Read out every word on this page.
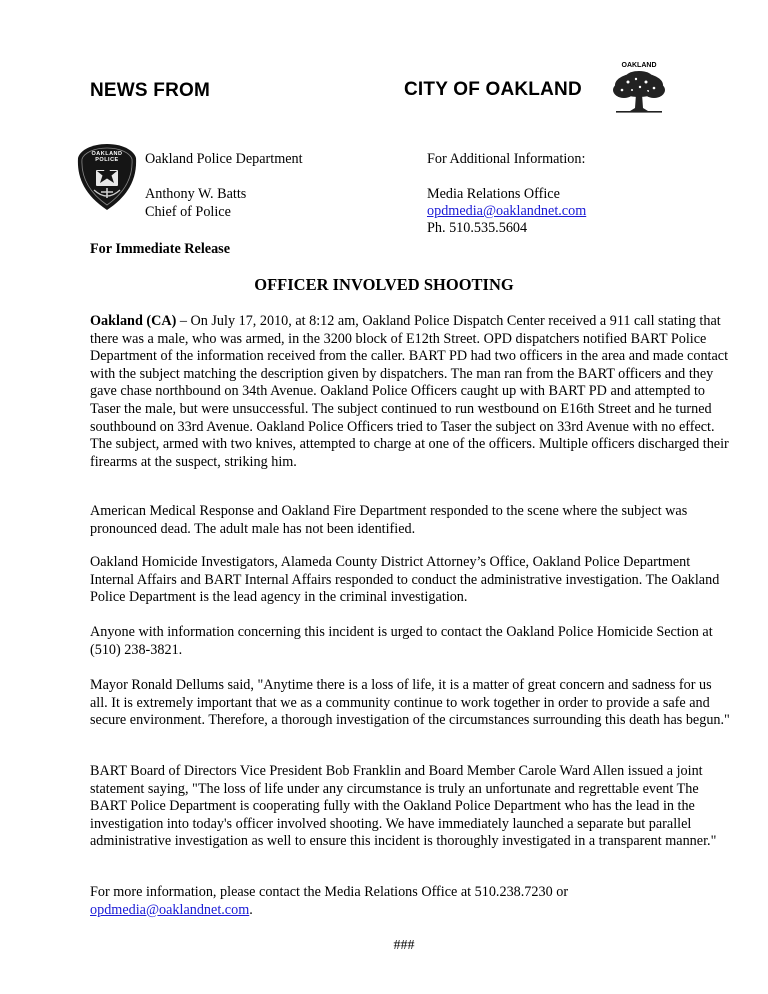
NEWS FROM	CITY OF OAKLAND
OAKLAND
OAKLAND POLICE	Oakland Police Department
Anthony W. Batts
Chief of Police
For Additional Information:
Media Relations Office
opdmedia@oaklandnet.com
Ph. 510.535.5604
For Immediate Release
OFFICER INVOLVED SHOOTING

Oakland (CA) – On July 17, 2010, at 8:12 am, Oakland Police Dispatch Center received a 911 call stating that there was a male, who was armed, in the 3200 block of E12th Street. OPD dispatchers notified BART Police Department of the information received from the caller. BART PD had two officers in the area and made contact with the subject matching the description given by dispatchers. The man ran from the BART officers and they gave chase northbound on 34th Avenue. Oakland Police Officers caught up with BART PD and attempted to Taser the male, but were unsuccessful. The subject continued to run westbound on E16th Street and he turned southbound on 33rd Avenue. Oakland Police Officers tried to Taser the subject on 33rd Avenue with no effect. The subject, armed with two knives, attempted to charge at one of the officers. Multiple officers discharged their firearms at the suspect, striking him.

American Medical Response and Oakland Fire Department responded to the scene where the subject was pronounced dead. The adult male has not been identified.

Oakland Homicide Investigators, Alameda County District Attorney’s Office, Oakland Police Department Internal Affairs and BART Internal Affairs responded to conduct the administrative investigation. The Oakland Police Department is the lead agency in the criminal investigation.

Anyone with information concerning this incident is urged to contact the Oakland Police Homicide Section at (510) 238-3821.

Mayor Ronald Dellums said, "Anytime there is a loss of life, it is a matter of great concern and sadness for us all. It is extremely important that we as a community continue to work together in order to provide a safe and secure environment. Therefore, a thorough investigation of the circumstances surrounding this death has begun."

BART Board of Directors Vice President Bob Franklin and Board Member Carole Ward Allen issued a joint statement saying, "The loss of life under any circumstance is truly an unfortunate and regrettable event The BART Police Department is cooperating fully with the Oakland Police Department who has the lead in the investigation into today's officer involved shooting. We have immediately launched a separate but parallel administrative investigation as well to ensure this incident is thoroughly investigated in a transparent manner."

For more information, please contact the Media Relations Office at 510.238.7230 or
opdmedia@oaklandnet.com.

###
